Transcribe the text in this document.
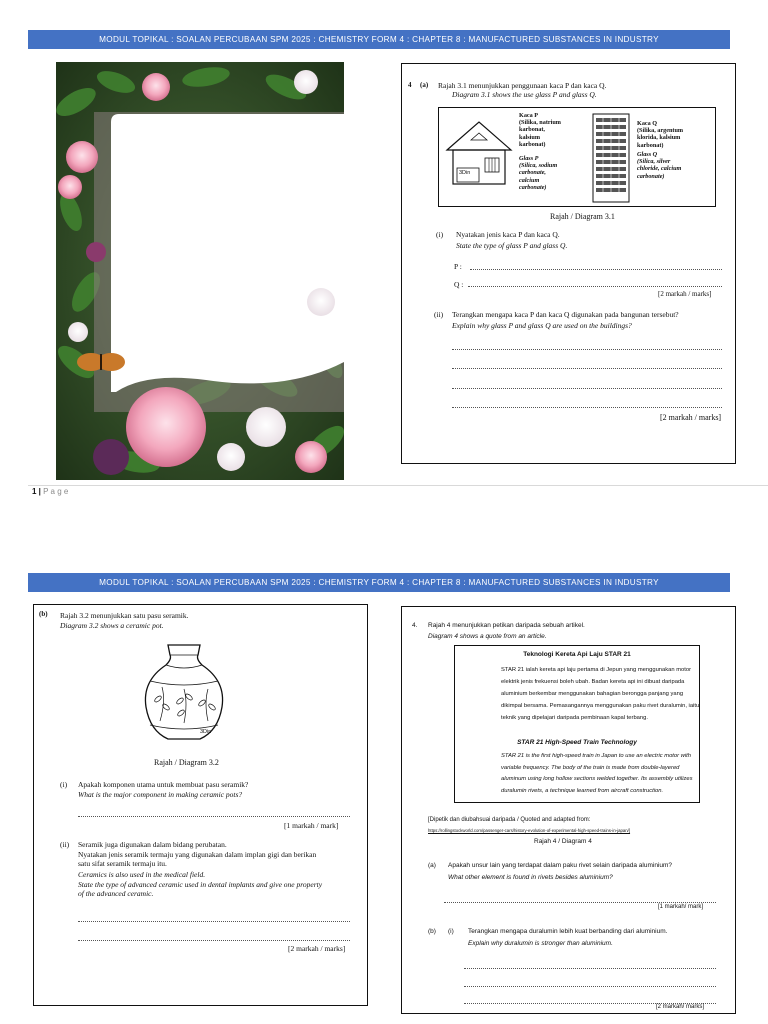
MODUL TOPIKAL : SOALAN PERCUBAAN SPM 2025 : CHEMISTRY FORM 4 : CHAPTER 8 : MANUFACTURED SUBSTANCES IN INDUSTRY
4 (a) Rajah 3.1 menunjukkan penggunaan kaca P dan kaca Q.
Diagram 3.1 shows the use glass P and glass Q.
3Din
Kaca P
(Silika, natrium
karbonat,
kalsium
karbonat)
Glass P
(Silica, sodium
carbonate,
calcium
carbonate)
Kaca Q
(Silika, argentum
klorida, kalsium
karbonat)
Glass Q
(Silica, silver
chloride, calcium
carbonate)
Rajah / Diagram 3.1
(i) Nyatakan jenis kaca P dan kaca Q.
State the type of glass P and glass Q.
P :
Q :
[2 markah / marks]
(ii) Terangkan mengapa kaca P dan kaca Q digunakan pada bangunan tersebut?
Explain why glass P and glass Q are used on the buildings?
[2 markah / marks]
1 | P a g e
MODUL TOPIKAL : SOALAN PERCUBAAN SPM 2025 : CHEMISTRY FORM 4 : CHAPTER 8 : MANUFACTURED SUBSTANCES IN INDUSTRY
(b) Rajah 3.2 menunjukkan satu pasu seramik.
Diagram 3.2 shows a ceramic pot.
3Din
Rajah / Diagram 3.2
(i) Apakah komponen utama untuk membuat pasu seramik?
What is the major component in making ceramic pots?
[1 markah / mark]
(ii) Seramik juga digunakan dalam bidang perubatan.
Nyatakan jenis seramik termaju yang digunakan dalam implan gigi dan berikan
satu sifat seramik termaju itu.
Ceramics is also used in the medical field.
State the type of advanced ceramic used in dental implants and give one property
of the advanced ceramic.
[2 markah / marks]
4. Rajah 4 menunjukkan petikan daripada sebuah artikel.
Diagram 4 shows a quote from an article.
Teknologi Kereta Api Laju STAR 21
STAR 21 ialah kereta api laju pertama di Jepun yang menggunakan motor
elektrik jenis frekuensi boleh ubah. Badan kereta api ini dibuat daripada
aluminium berkembar menggunakan bahagian berongga panjang yang
dikimpal bersama. Pemasangannya menggunakan paku rivet duralumin, iaitu
teknik yang dipelajari daripada pembinaan kapal terbang.
STAR 21 High-Speed Train Technology
STAR 21 is the first high-speed train in Japan to use an electric motor with
variable frequency. The body of the train is made from double-layered
aluminum using long hollow sections welded together. Its assembly utilizes
duralumin rivets, a technique learned from aircraft construction.
[Dipetik dan diubahsuai daripada / Quoted and adapted from:
https://rollingstockworld.com/passenger-cars/history-evolution-of-experimental-high-speed-trains-in-japan/]
Rajah 4 / Diagram 4
(a) Apakah unsur lain yang terdapat dalam paku rivet selain daripada aluminium?
What other element is found in rivets besides aluminium?
[1 markah/ mark]
(b) (i) Terangkan mengapa duralumin lebih kuat berbanding dari aluminium.
Explain why duralumin is stronger than aluminium.
[2 markah/ marks]
